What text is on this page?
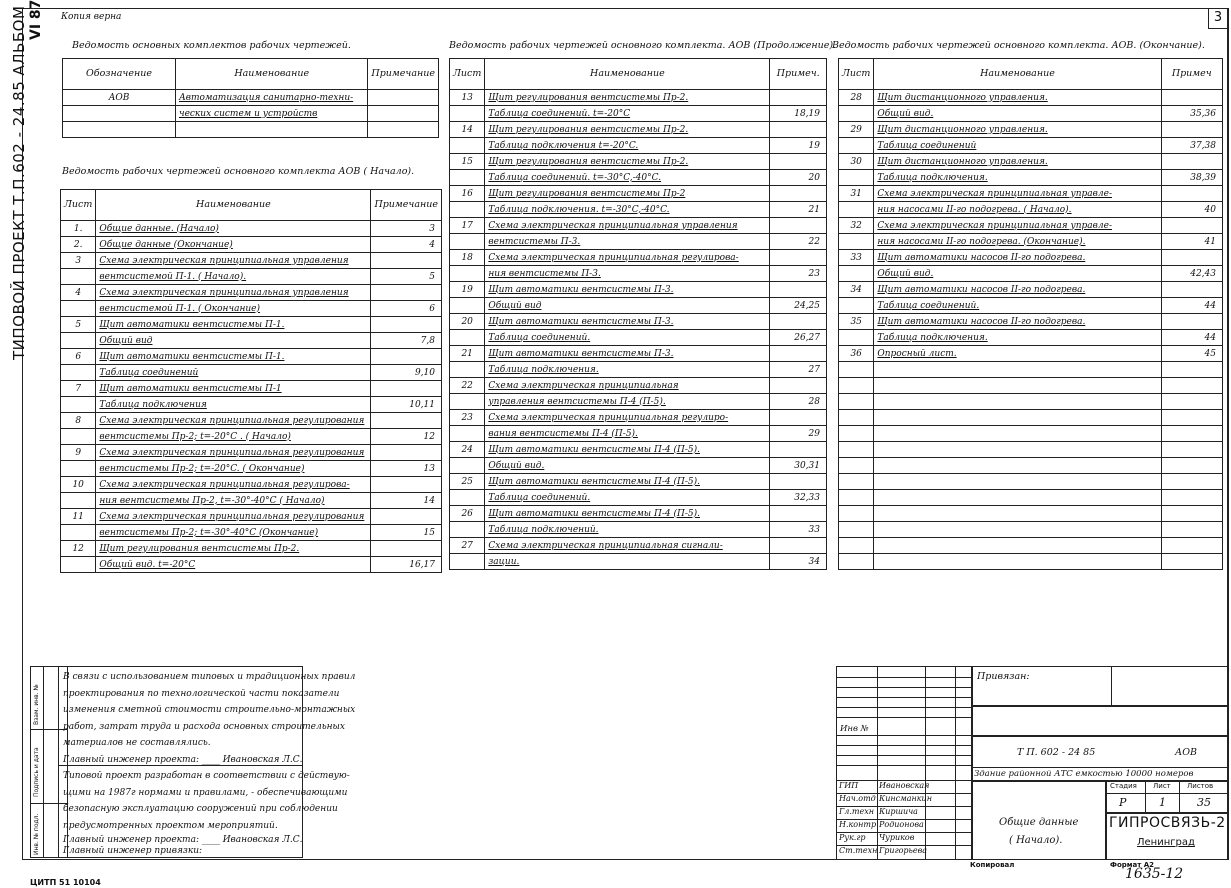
ТИПОВОЙ ПРОЕКТ Т.П.602 - 24.85 АЛЬБОМ VI 87 Копия верна	3
Ведомость основных комплектов рабочих чертежей.
Обозначение	Наименование	Примечание
АОВ	Автоматизация санитарно-техни-	
	ческих систем и устройств	

Ведомость рабочих чертежей основного комплекта АОВ ( Начало).
Лист	Наименование	Примечание
1.	Общие данные. (Начало)	3
2.	Общие данные (Окончание)	4
3	Схема электрическая принципиальная управления	
	вентсистемой П-1. ( Начало).	5
4	Схема электрическая принципиальная управления	
	вентсистемой П-1. ( Окончание)	6
5	Щит автоматики вентсистемы П-1.	
	Общий вид	7,8
6	Щит автоматики вентсистемы П-1.	
	Таблица соединений	9,10
7	Щит автоматики вентсистемы П-1	
	Таблица подключения	10,11
8	Схема электрическая принципиальная регулирования	
	вентсистемы Пр-2; t=-20°C . ( Начало)	12
9	Схема электрическая принципиальная регулирования	
	вентсистемы Пр-2; t=-20°C. ( Окончание)	13
10	Схема электрическая принципиальная регулирова-	
	ния вентсистемы Пр-2, t=-30°-40°C ( Начало)	14
11	Схема электрическая принципиальная регулирования	
	вентсистемы Пр-2; t=-30°-40°C (Окончание)	15
12	Щит регулирования вентсистемы Пр-2.	
	Общий вид. t=-20°C	16,17
Ведомость рабочих чертежей основного комплекта. АОВ (Продолжение).
Лист	Наименование	Примеч.
13	Щит регулирования вентсистемы Пр-2.	
	Таблица соединений. t=-20°C	18,19
14	Щит регулирования вентсистемы Пр-2.	
	Таблица подключения t=-20°C.	19
15	Щит регулирования вентсистемы Пр-2.	
	Таблица соединений. t=-30°C,-40°C.	20
16	Щит регулирования вентсистемы Пр-2	
	Таблица подключения. t=-30°C,-40°C.	21
17	Схема электрическая принципиальная управления	
	вентсистемы П-3.	22
18	Схема электрическая принципиальная регулирова-	
	ния вентсистемы П-3.	23
19	Щит автоматики вентсистемы П-3.	
	Общий вид	24,25
20	Щит автоматики вентсистемы П-3.	
	Таблица соединений.	26,27
21	Щит автоматики вентсистемы П-3.	
	Таблица подключения.	27
22	Схема электрическая принципиальная	
	управления вентсистемы П-4 (П-5).	28
23	Схема электрическая принципиальная регулиро-	
	вания вентсистемы П-4 (П-5).	29
24	Щит автоматики вентсистемы П-4 (П-5).	
	Общий вид.	30,31
25	Щит автоматики вентсистемы П-4 (П-5).	
	Таблица соединений.	32,33
26	Щит автоматики вентсистемы П-4 (П-5).	
	Таблица подключений.	33
27	Схема электрическая принципиальная сигнали-	
	зации.	34
Ведомость рабочих чертежей основного комплекта. АОВ. (Окончание).
Лист	Наименование	Примеч
28	Щит дистанционного управления.	
	Общий вид.	35,36
29	Щит дистанционного управления.	
	Таблица соединений	37,38
30	Щит дистанционного управления.	
	Таблица подключения.	38,39
31	Схема электрическая принципиальная управле-	
	ния насосами II-го подогрева. ( Начало).	40
32	Схема электрическая принципиальная управле-	
	ния насосами II-го подогрева. (Окончание).	41
33	Щит автоматики насосов II-го подогрева.	
	Общий вид.	42,43
34	Щит автоматики насосов II-го подогрева.	
	Таблица соединений.	44
35	Щит автоматики насосов II-го подогрева.	
	Таблица подключения.	44
36	Опросный лист.	45

Взам. инв. №
Подпись и дата
Инв. № подл.
В связи с использованием типовых и традиционных правил
проектирования по технологической части показатели
изменения сметной стоимости строительно-монтажных
работ, затрат труда и расхода основных строительных
материалов не составлялись.
Главный инженер проекта: ____ Ивановская Л.С.
Типовой проект разработан в соответствии с действую-
щими на 1987г нормами и правилами, - обеспечивающими
безопасную эксплуатацию сооружений при соблюдении
предусмотренных проектом мероприятий.
Главный инженер проекта: ____ Ивановская Л.С.
Главный инженер привязки:
ГИП	Ивановская
Нач.отд Кинсманкин
Гл.техн Киршича
Н.контр Родионова
Рук.гр Чуриков
Ст.техн Григорьева
Инв №
Привязан:
Т П. 602 - 24 85	АОВ
Здание районной АТС емкостью 10000 номеров
Стадия Лист Листов
Р	1	35
Общие данные
( Начало).
ГИПРОСВЯЗЬ-2
Ленинград
Копировал	Формат А2
1635-12
ЦИТП 51 10104
